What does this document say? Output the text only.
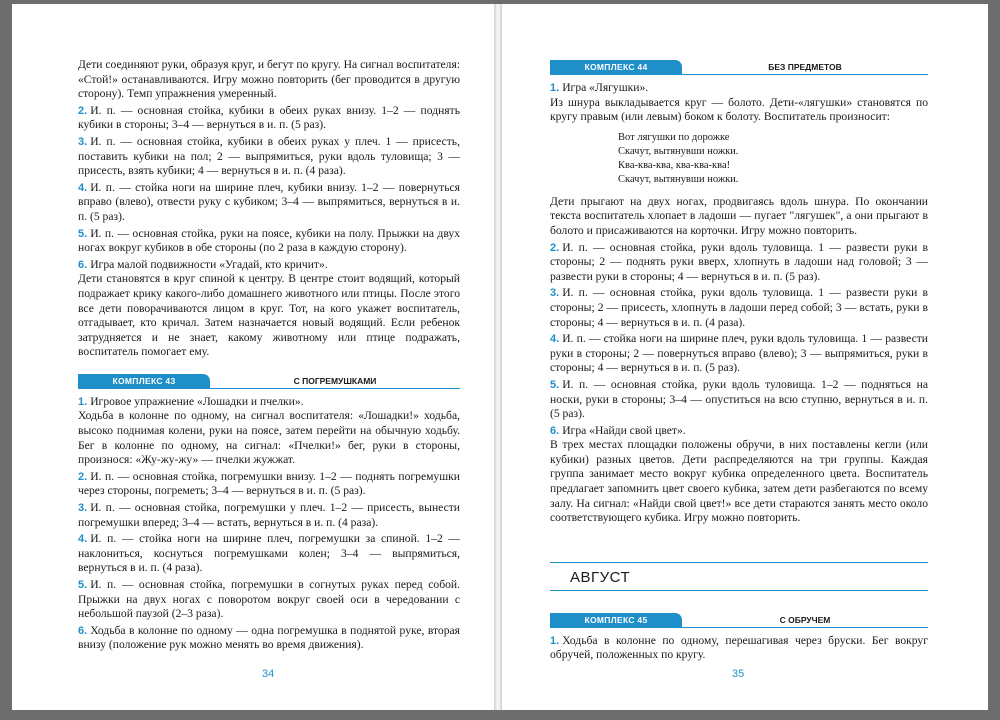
Дети соединяют руки, образуя круг, и бегут по кругу. На сигнал воспитателя: «Стой!» останавливаются. Игру можно повторить (бег проводится в другую сторону). Темп упражнения умеренный.

2. И. п. — основная стойка, кубики в обеих руках внизу. 1–2 — поднять кубики в стороны; 3–4 — вернуться в и. п. (5 раз).

3. И. п. — основная стойка, кубики в обеих руках у плеч. 1 — присесть, поставить кубики на пол; 2 — выпрямиться, руки вдоль туловища; 3 — присесть, взять кубики; 4 — вернуться в и. п. (4 раза).

4. И. п. — стойка ноги на ширине плеч, кубики внизу. 1–2 — повернуться вправо (влево), отвести руку с кубиком; 3–4 — выпрямиться, вернуться в и. п. (5 раз).

5. И. п. — основная стойка, руки на поясе, кубики на полу. Прыжки на двух ногах вокруг кубиков в обе стороны (по 2 раза в каждую сторону).

6. Игра малой подвижности «Угадай, кто кричит».

Дети становятся в круг спиной к центру. В центре стоит водящий, который подражает крику какого-либо домашнего животного или птицы. После этого все дети поворачиваются лицом в круг. Тот, на кого укажет воспитатель, отгадывает, кто кричал. Затем назначается новый водящий. Если ребенок затрудняется и не знает, какому животному или птице подражать, воспитатель помогает ему.

КОМПЛЕКС 43	С ПОГРЕМУШКАМИ

1. Игровое упражнение «Лошадки и пчелки».

Ходьба в колонне по одному, на сигнал воспитателя: «Лошадки!» ходьба, высоко поднимая колени, руки на поясе, затем перейти на обычную ходьбу. Бег в колонне по одному, на сигнал: «Пчелки!» бег, руки в стороны, произнося: «Жу-жу-жу» — пчелки жужжат.

2. И. п. — основная стойка, погремушки внизу. 1–2 — поднять погремушки через стороны, погреметь; 3–4 — вернуться в и. п. (5 раз).

3. И. п. — основная стойка, погремушки у плеч. 1–2 — присесть, вынести погремушки вперед; 3–4 — встать, вернуться в и. п. (4 раза).

4. И. п. — стойка ноги на ширине плеч, погремушки за спиной. 1–2 — наклониться, коснуться погремушками колен; 3–4 — выпрямиться, вернуться в и. п. (4 раза).

5. И. п. — основная стойка, погремушки в согнутых руках перед собой. Прыжки на двух ногах с поворотом вокруг своей оси в чередовании с небольшой паузой (2–3 раза).

6. Ходьба в колонне по одному — одна погремушка в поднятой руке, вторая внизу (положение рук можно менять во время движения).

34
КОМПЛЕКС 44	БЕЗ ПРЕДМЕТОВ

1. Игра «Лягушки».

Из шнура выкладывается круг — болото. Дети-«лягушки» становятся по кругу правым (или левым) боком к болоту. Воспитатель произносит:

Вот лягушки по дорожке

Скачут, вытянувши ножки.

Ква-ква-ква, ква-ква-ква!

Скачут, вытянувши ножки.

Дети прыгают на двух ногах, продвигаясь вдоль шнура. По окончании текста воспитатель хлопает в ладоши — пугает "лягушек", а они прыгают в болото и присаживаются на корточки. Игру можно повторить.

2. И. п. — основная стойка, руки вдоль туловища. 1 — развести руки в стороны; 2 — поднять руки вверх, хлопнуть в ладоши над головой; 3 — развести руки в стороны; 4 — вернуться в и. п. (5 раз).

3. И. п. — основная стойка, руки вдоль туловища. 1 — развести руки в стороны; 2 — присесть, хлопнуть в ладоши перед собой; 3 — встать, руки в стороны; 4 — вернуться в и. п. (4 раза).

4. И. п. — стойка ноги на ширине плеч, руки вдоль туловища. 1 — развести руки в стороны; 2 — повернуться вправо (влево); 3 — выпрямиться, руки в стороны; 4 — вернуться в и. п. (5 раз).

5. И. п. — основная стойка, руки вдоль туловища. 1–2 — подняться на носки, руки в стороны; 3–4 — опуститься на всю ступню, вернуться в и. п. (5 раз).

6. Игра «Найди свой цвет».

В трех местах площадки положены обручи, в них поставлены кегли (или кубики) разных цветов. Дети распределяются на три группы. Каждая группа занимает место вокруг кубика определенного цвета. Воспитатель предлагает запомнить цвет своего кубика, затем дети разбегаются по всему залу. На сигнал: «Найди свой цвет!» все дети стараются занять место около соответствующего кубика. Игру можно повторить.

АВГУСТ
КОМПЛЕКС 45	С ОБРУЧЕМ

1. Ходьба в колонне по одному, перешагивая через бруски. Бег вокруг обручей, положенных по кругу.

35
